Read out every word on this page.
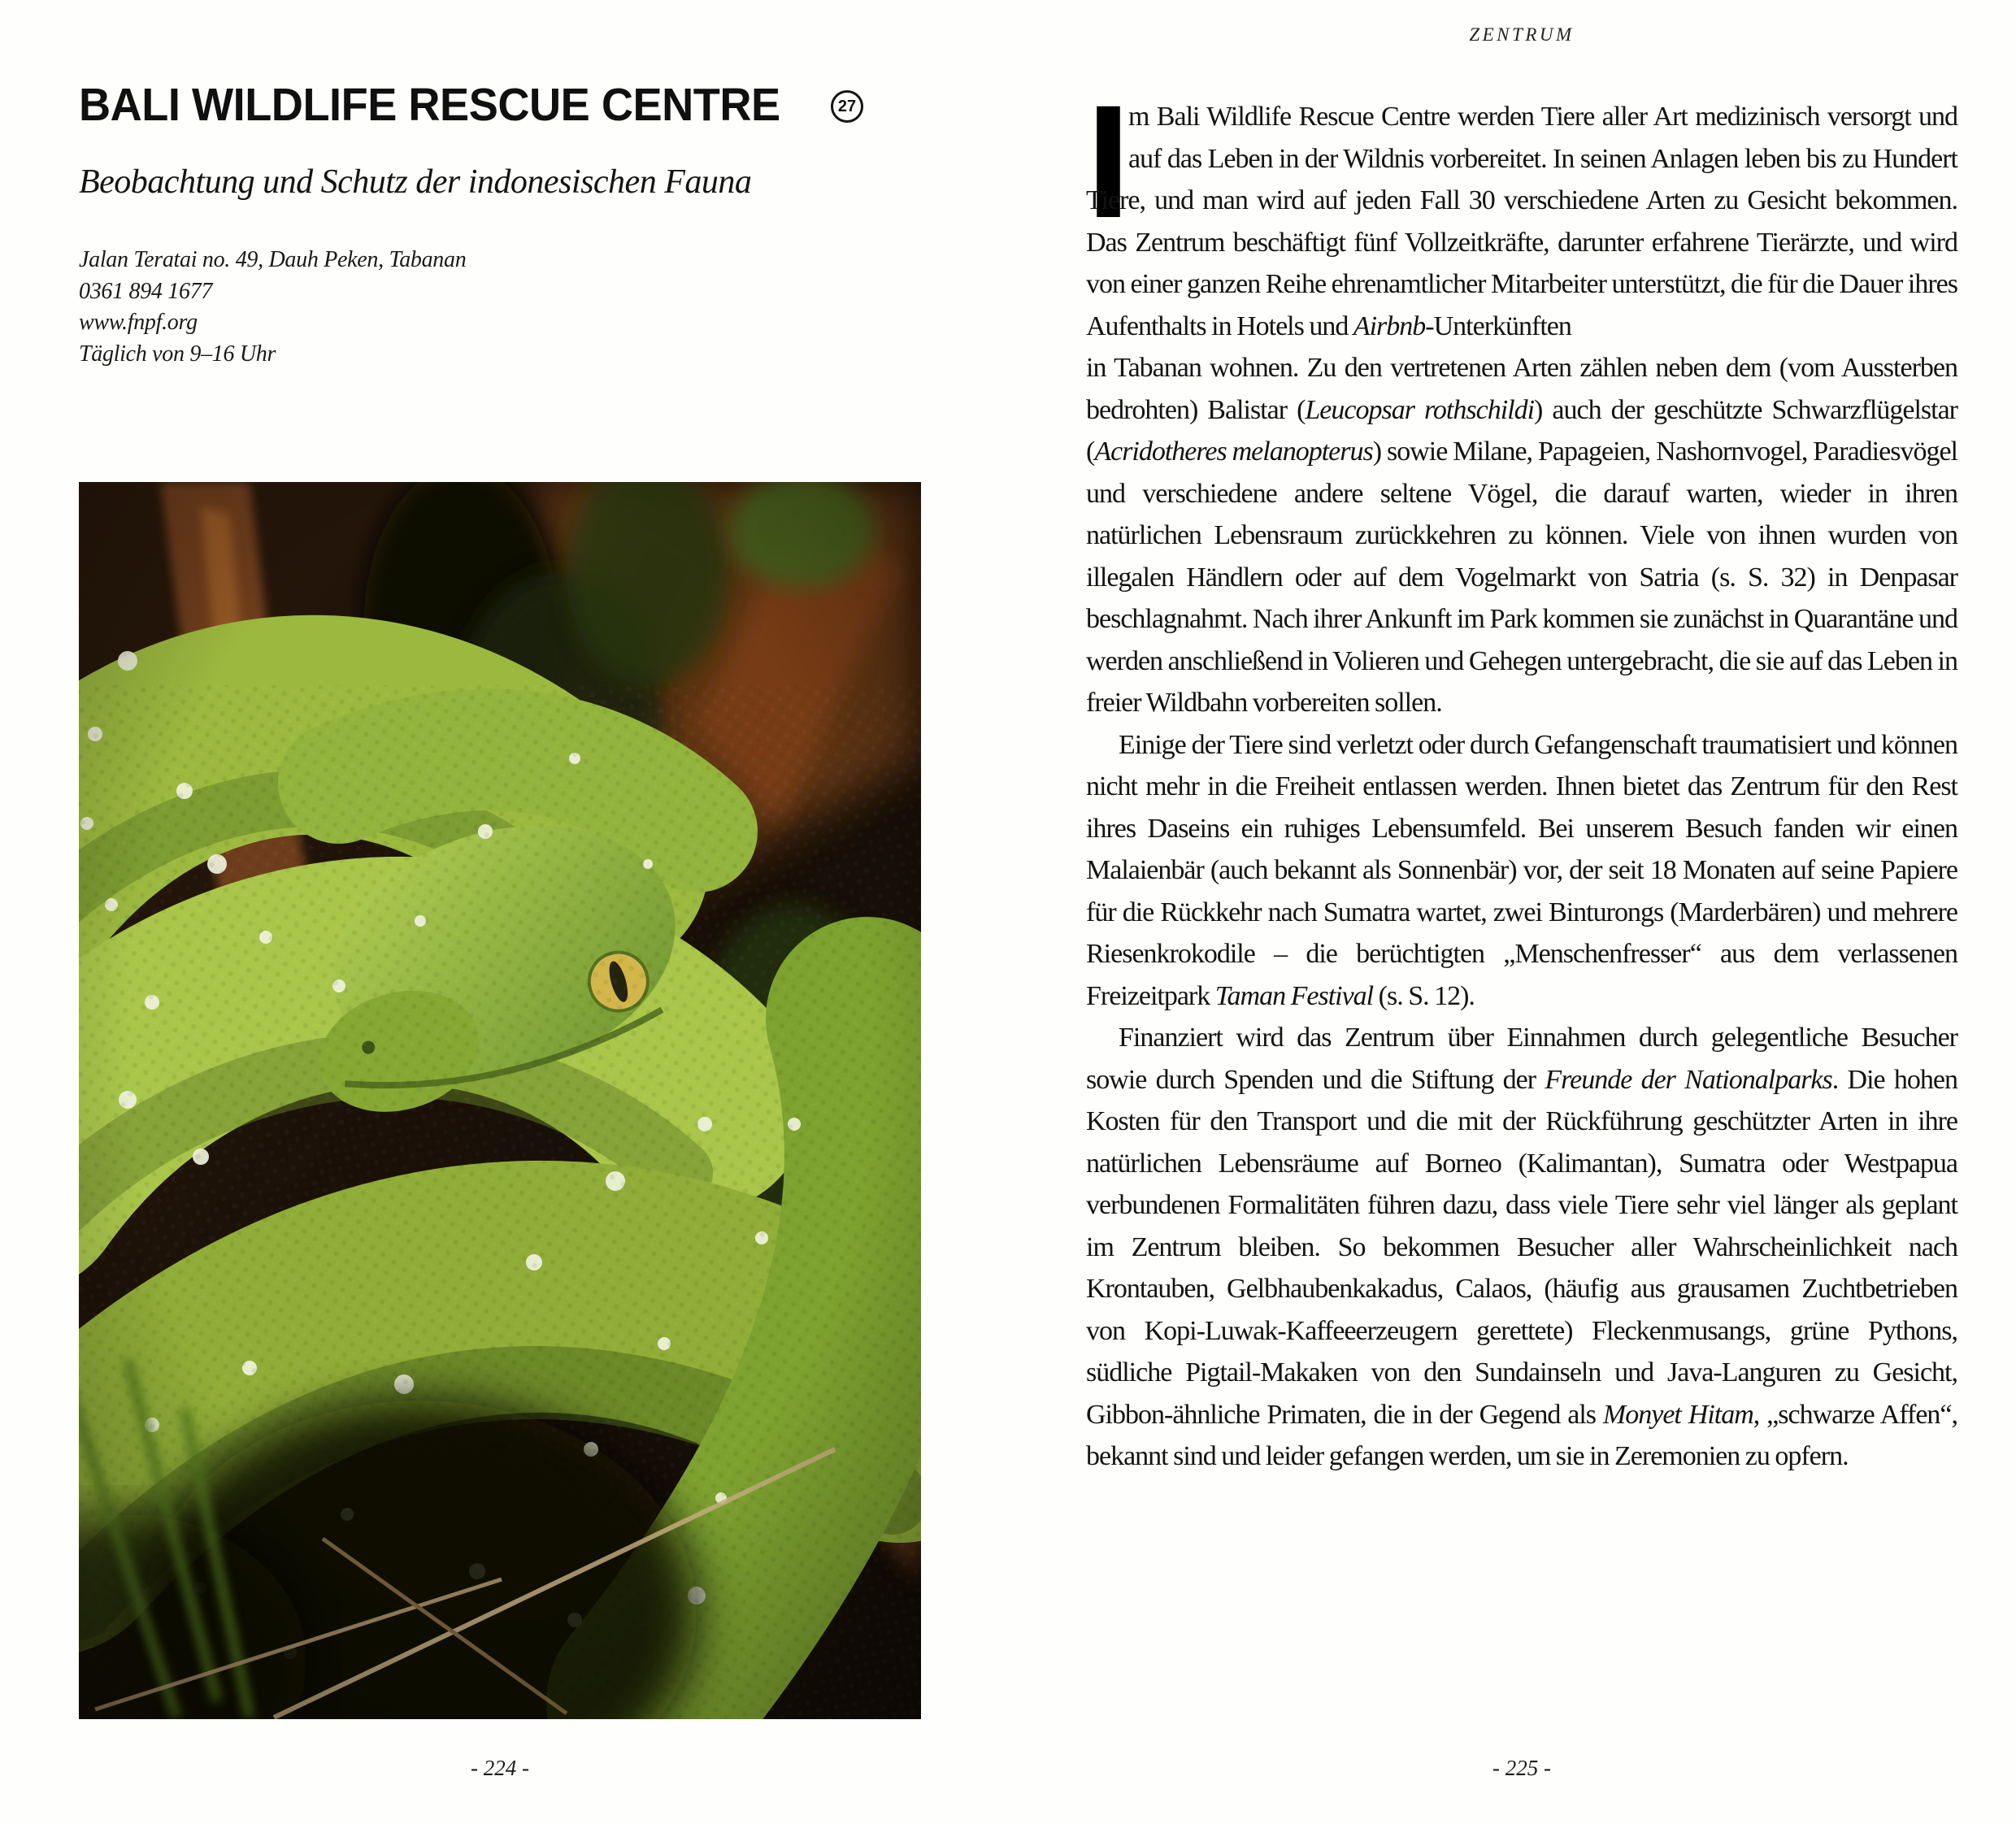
ZENTRUM
BALI WILDLIFE RESCUE CENTRE	27
Beobachtung und Schutz der indonesischen Fauna
Jalan Teratai no. 49, Dauh Peken, Tabanan
0361 894 1677
www.fnpf.org
Täglich von 9–16 Uhr
- 224 -

I
m Bali Wildlife Rescue Centre werden Tiere aller Art medizinisch versorgt und auf das Leben in der Wildnis vorbereitet. In seinen Anlagen leben bis zu Hundert Tiere, und man wird auf jeden Fall 30 verschiedene Arten zu Gesicht bekommen. Das Zentrum beschäftigt fünf Vollzeitkräfte, darunter erfahrene Tierärzte, und wird von einer ganzen Reihe ehrenamtlicher Mitarbeiter unterstützt, die für die Dauer ihres Aufenthalts in Hotels und Airbnb-Unterkünften
in Tabanan wohnen. Zu den vertretenen Arten zählen neben dem (vom Aussterben bedrohten) Balistar (Leucopsar rothschildi) auch der geschützte Schwarzflügelstar (Acridotheres melanopterus) sowie Milane, Papageien, Nashornvogel, Paradiesvögel und verschiedene andere seltene Vögel, die darauf warten, wieder in ihren natürlichen Lebensraum zurückkehren zu können. Viele von ihnen wurden von illegalen Händlern oder auf dem Vogelmarkt von Satria (s. S. 32) in Denpasar beschlagnahmt. Nach ihrer Ankunft im Park kommen sie zunächst in Quarantäne und werden anschließend in Volieren und Gehegen untergebracht, die sie auf das Leben in freier Wildbahn vorbereiten sollen.

Einige der Tiere sind verletzt oder durch Gefangenschaft traumatisiert und können nicht mehr in die Freiheit entlassen werden. Ihnen bietet das Zentrum für den Rest ihres Daseins ein ruhiges Lebensumfeld. Bei unserem Besuch fanden wir einen Malaienbär (auch bekannt als Sonnenbär) vor, der seit 18 Monaten auf seine Papiere für die Rückkehr nach Sumatra wartet, zwei Binturongs (Marderbären) und mehrere Riesenkrokodile – die berüchtigten „Menschenfresser“ aus dem verlassenen Freizeitpark Taman Festival (s. S. 12).

Finanziert wird das Zentrum über Einnahmen durch gelegentliche Besucher sowie durch Spenden und die Stiftung der Freunde der Nationalparks. Die hohen Kosten für den Transport und die mit der Rückführung geschützter Arten in ihre natürlichen Lebensräume auf Borneo (Kalimantan), Sumatra oder Westpapua verbundenen Formalitäten führen dazu, dass viele Tiere sehr viel länger als geplant im Zentrum bleiben. So bekommen Besucher aller Wahrscheinlichkeit nach Krontauben, Gelbhaubenkakadus, Calaos, (häufig aus grausamen Zuchtbetrieben von Kopi-Luwak-Kaffeeerzeugern gerettete) Fleckenmusangs, grüne Pythons, südliche Pigtail-Makaken von den Sundainseln und Java-Languren zu Gesicht, Gibbon-ähnliche Primaten, die in der Gegend als Monyet Hitam, „schwarze Affen“, bekannt sind und leider gefangen werden, um sie in Zeremonien zu opfern.

- 225 -
